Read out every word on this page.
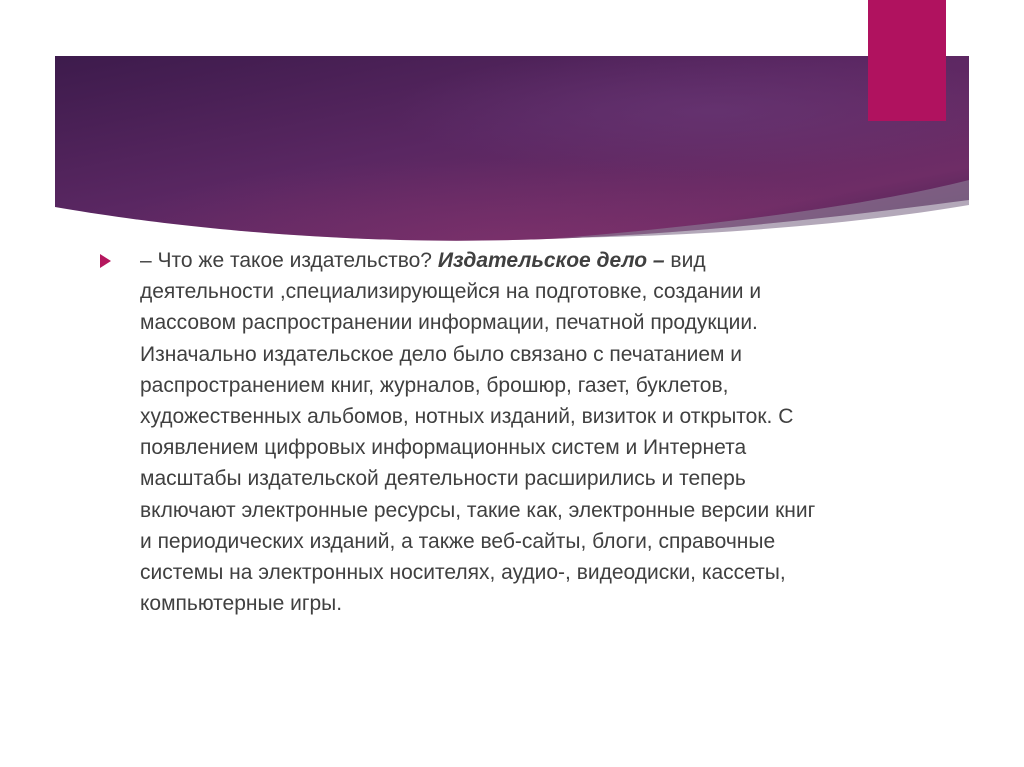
– Что же такое издательство? Издательское дело – вид деятельности ,специализирующейся на подготовке, создании и массовом распространении информации, печатной продукции. Изначально издательское дело было связано с печатанием и распространением книг, журналов, брошюр, газет, буклетов, художественных альбомов, нотных изданий, визиток и открыток. С появлением цифровых информационных систем и Интернета масштабы издательской деятельности расширились и теперь включают электронные ресурсы, такие как, электронные версии книг и периодических изданий, а также веб-сайты, блоги, справочные системы на электронных носителях, аудио-, видеодиски, кассеты, компьютерные игры.
